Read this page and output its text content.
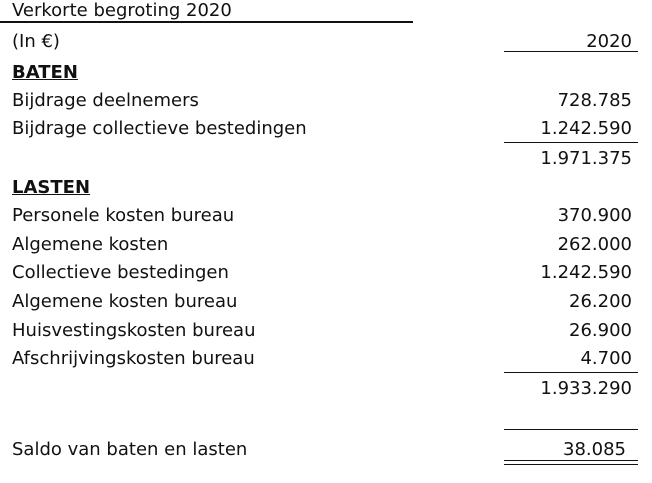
Verkorte begroting 2020
(In €)	2020
BATEN
Bijdrage deelnemers	728.785
Bijdrage collectieve bestedingen	1.242.590
1.971.375
LASTEN
Personele kosten bureau	370.900
Algemene kosten	262.000
Collectieve bestedingen	1.242.590
Algemene kosten bureau	26.200
Huisvestingskosten bureau	26.900
Afschrijvingskosten bureau	4.700
1.933.290
Saldo van baten en lasten	38.085
